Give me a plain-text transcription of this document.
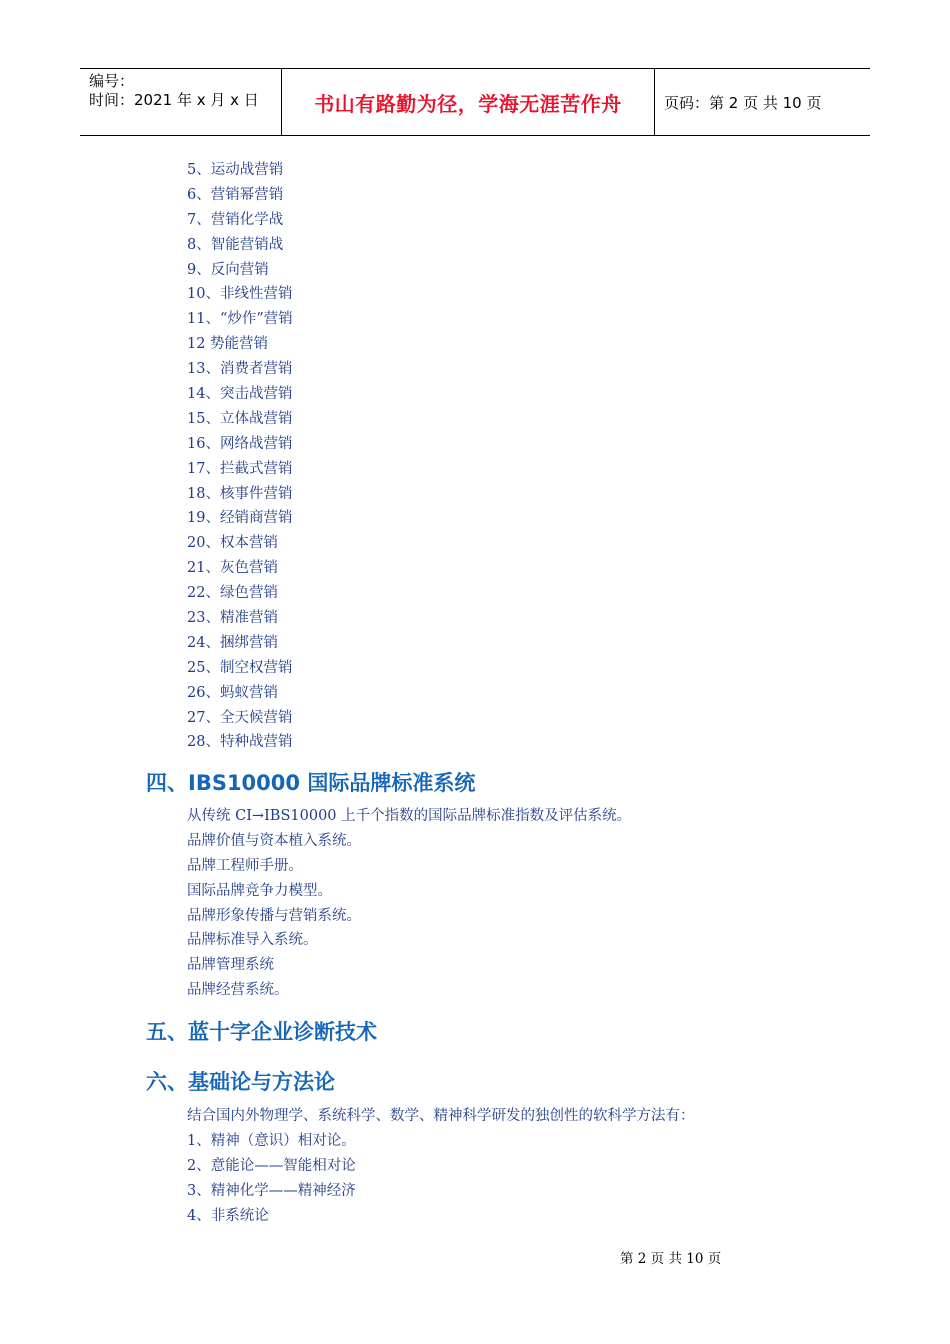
编号：
时间：2021 年 x 月 x 日	书山有路勤为径，学海无涯苦作舟	页码：第 2 页 共 10 页
5、运动战营销
6、营销幂营销
7、营销化学战
8、智能营销战
9、反向营销
10、非线性营销
11、“炒作”营销
12 势能营销
13、消费者营销
14、突击战营销
15、立体战营销
16、网络战营销
17、拦截式营销
18、核事件营销
19、经销商营销
20、权本营销
21、灰色营销
22、绿色营销
23、精准营销
24、捆绑营销
25、制空权营销
26、蚂蚁营销
27、全天候营销
28、特种战营销
四、IBS10000 国际品牌标准系统
从传统 CI→IBS10000 上千个指数的国际品牌标准指数及评估系统。
品牌价值与资本植入系统。
品牌工程师手册。
国际品牌竞争力模型。
品牌形象传播与营销系统。
品牌标准导入系统。
品牌管理系统
品牌经营系统。
五、蓝十字企业诊断技术
六、基础论与方法论
结合国内外物理学、系统科学、数学、精神科学研发的独创性的软科学方法有：
1、精神（意识）相对论。
2、意能论——智能相对论
3、精神化学——精神经济
4、非系统论
第 2 页 共 10 页
